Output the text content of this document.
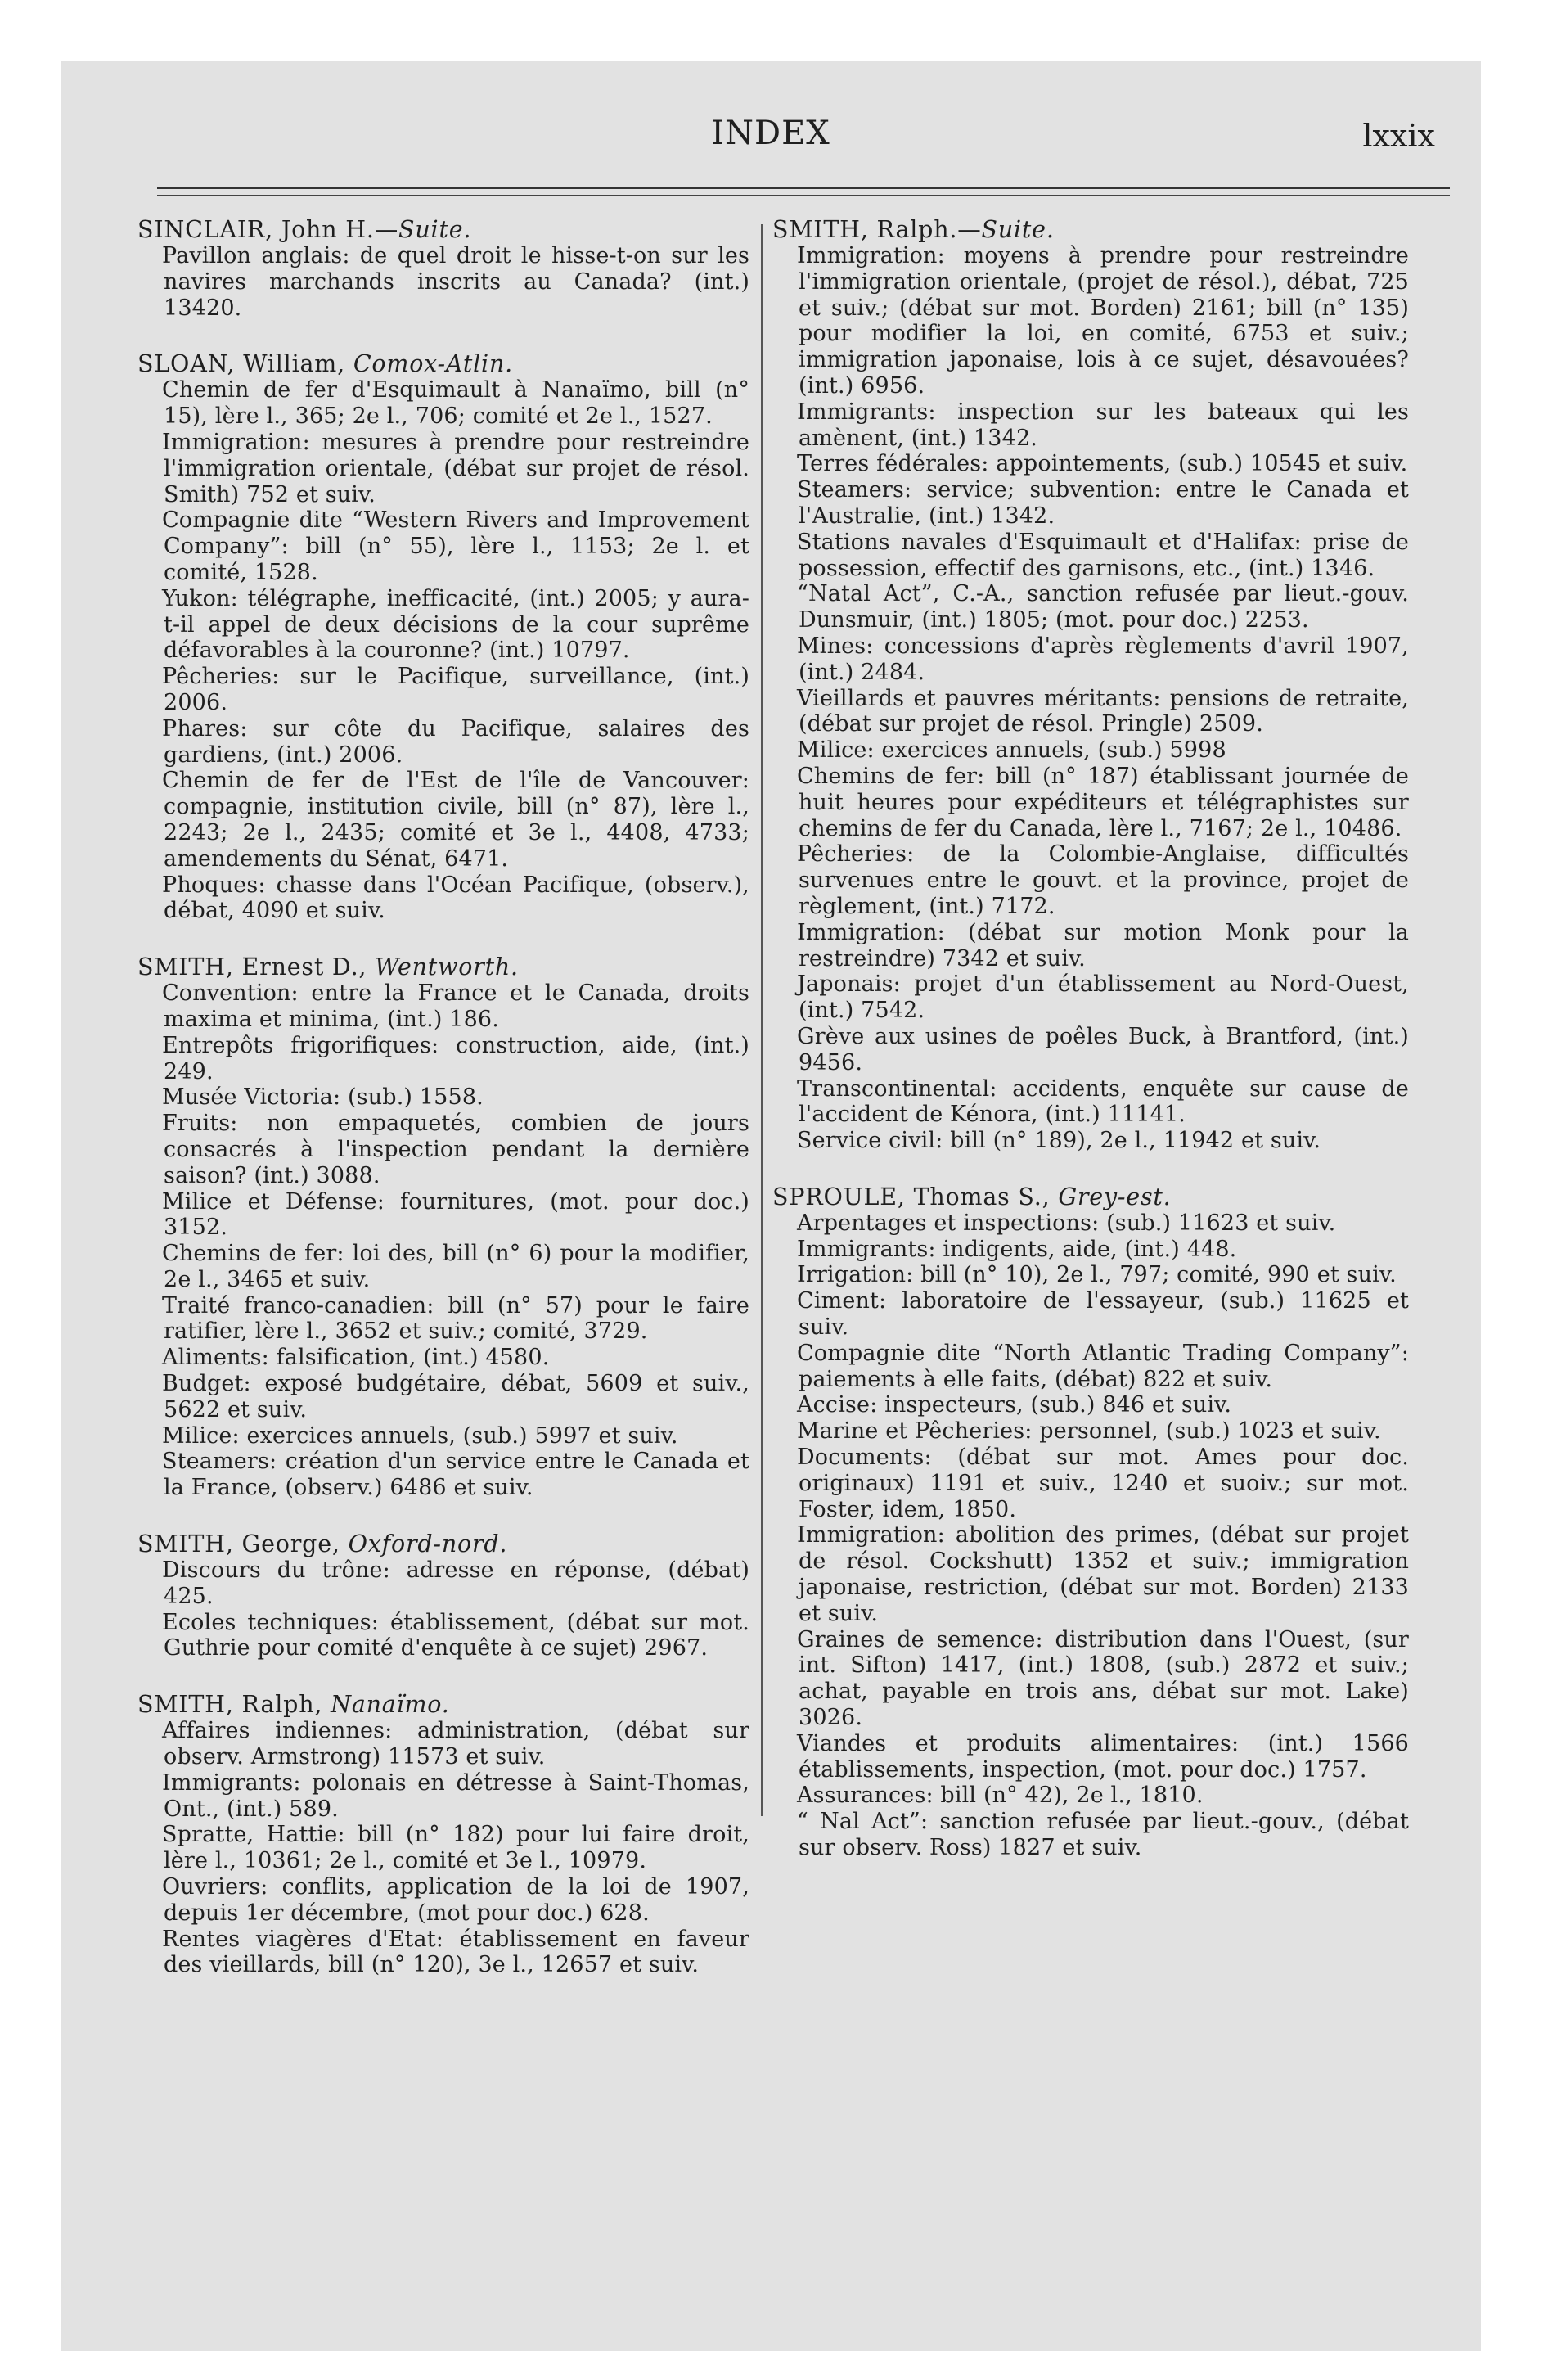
INDEX	lxxix

SINCLAIR, John H.—Suite.

Pavillon anglais: de quel droit le hisse-t-on sur les navires marchands inscrits au Canada? (int.) 13420.

SLOAN, William, Comox-Atlin.

Chemin de fer d'Esquimault à Nanaïmo, bill (n° 15), lère l., 365; 2e l., 706; comité et 2e l., 1527.

Immigration: mesures à prendre pour restreindre l'immigration orientale, (débat sur projet de résol. Smith) 752 et suiv.

Compagnie dite “Western Rivers and Improvement Company”: bill (n° 55), lère l., 1153; 2e l. et comité, 1528.

Yukon: télégraphe, inefficacité, (int.) 2005; y aura-t-il appel de deux décisions de la cour suprême défavorables à la couronne? (int.) 10797.

Pêcheries: sur le Pacifique, surveillance, (int.) 2006.

Phares: sur côte du Pacifique, salaires des gardiens, (int.) 2006.

Chemin de fer de l'Est de l'île de Vancouver: compagnie, institution civile, bill (n° 87), lère l., 2243; 2e l., 2435; comité et 3e l., 4408, 4733; amendements du Sénat, 6471.

Phoques: chasse dans l'Océan Pacifique, (observ.), débat, 4090 et suiv.

SMITH, Ernest D., Wentworth.

Convention: entre la France et le Canada, droits maxima et minima, (int.) 186.

Entrepôts frigorifiques: construction, aide, (int.) 249.

Musée Victoria: (sub.) 1558.

Fruits: non empaquetés, combien de jours consacrés à l'inspection pendant la dernière saison? (int.) 3088.

Milice et Défense: fournitures, (mot. pour doc.) 3152.

Chemins de fer: loi des, bill (n° 6) pour la modifier, 2e l., 3465 et suiv.

Traité franco-canadien: bill (n° 57) pour le faire ratifier, lère l., 3652 et suiv.; comité, 3729.

Aliments: falsification, (int.) 4580.

Budget: exposé budgétaire, débat, 5609 et suiv., 5622 et suiv.

Milice: exercices annuels, (sub.) 5997 et suiv.

Steamers: création d'un service entre le Canada et la France, (observ.) 6486 et suiv.

SMITH, George, Oxford-nord.

Discours du trône: adresse en réponse, (débat) 425.

Ecoles techniques: établissement, (débat sur mot. Guthrie pour comité d'enquête à ce sujet) 2967.

SMITH, Ralph, Nanaïmo.

Affaires indiennes: administration, (débat sur observ. Armstrong) 11573 et suiv.

Immigrants: polonais en détresse à Saint-Thomas, Ont., (int.) 589.

Spratte, Hattie: bill (n° 182) pour lui faire droit, lère l., 10361; 2e l., comité et 3e l., 10979.

Ouvriers: conflits, application de la loi de 1907, depuis 1er décembre, (mot pour doc.) 628.

Rentes viagères d'Etat: établissement en faveur des vieillards, bill (n° 120), 3e l., 12657 et suiv.

SMITH, Ralph.—Suite.

Immigration: moyens à prendre pour restreindre l'immigration orientale, (projet de résol.), débat, 725 et suiv.; (débat sur mot. Borden) 2161; bill (n° 135) pour modifier la loi, en comité, 6753 et suiv.; immigration japonaise, lois à ce sujet, désavouées? (int.) 6956.

Immigrants: inspection sur les bateaux qui les amènent, (int.) 1342.

Terres fédérales: appointements, (sub.) 10545 et suiv.

Steamers: service; subvention: entre le Canada et l'Australie, (int.) 1342.

Stations navales d'Esquimault et d'Halifax: prise de possession, effectif des garnisons, etc., (int.) 1346.

“Natal Act”, C.-A., sanction refusée par lieut.-gouv. Dunsmuir, (int.) 1805; (mot. pour doc.) 2253.

Mines: concessions d'après règlements d'avril 1907, (int.) 2484.

Vieillards et pauvres méritants: pensions de retraite, (débat sur projet de résol. Pringle) 2509.

Milice: exercices annuels, (sub.) 5998

Chemins de fer: bill (n° 187) établissant journée de huit heures pour expéditeurs et télégraphistes sur chemins de fer du Canada, lère l., 7167; 2e l., 10486.

Pêcheries: de la Colombie-Anglaise, difficultés survenues entre le gouvt. et la province, projet de règlement, (int.) 7172.

Immigration: (débat sur motion Monk pour la restreindre) 7342 et suiv.

Japonais: projet d'un établissement au Nord-Ouest, (int.) 7542.

Grève aux usines de poêles Buck, à Brantford, (int.) 9456.

Transcontinental: accidents, enquête sur cause de l'accident de Kénora, (int.) 11141.

Service civil: bill (n° 189), 2e l., 11942 et suiv.

SPROULE, Thomas S., Grey-est.

Arpentages et inspections: (sub.) 11623 et suiv.

Immigrants: indigents, aide, (int.) 448.

Irrigation: bill (n° 10), 2e l., 797; comité, 990 et suiv.

Ciment: laboratoire de l'essayeur, (sub.) 11625 et suiv.

Compagnie dite “North Atlantic Trading Company”: paiements à elle faits, (débat) 822 et suiv.

Accise: inspecteurs, (sub.) 846 et suiv.

Marine et Pêcheries: personnel, (sub.) 1023 et suiv.

Documents: (débat sur mot. Ames pour doc. originaux) 1191 et suiv., 1240 et suoiv.; sur mot. Foster, idem, 1850.

Immigration: abolition des primes, (débat sur projet de résol. Cockshutt) 1352 et suiv.; immigration japonaise, restriction, (débat sur mot. Borden) 2133 et suiv.

Graines de semence: distribution dans l'Ouest, (sur int. Sifton) 1417, (int.) 1808, (sub.) 2872 et suiv.; achat, payable en trois ans, débat sur mot. Lake) 3026.

Viandes et produits alimentaires: (int.) 1566 établissements, inspection, (mot. pour doc.) 1757.

Assurances: bill (n° 42), 2e l., 1810.

“ Nal Act”: sanction refusée par lieut.-gouv., (débat sur observ. Ross) 1827 et suiv.
